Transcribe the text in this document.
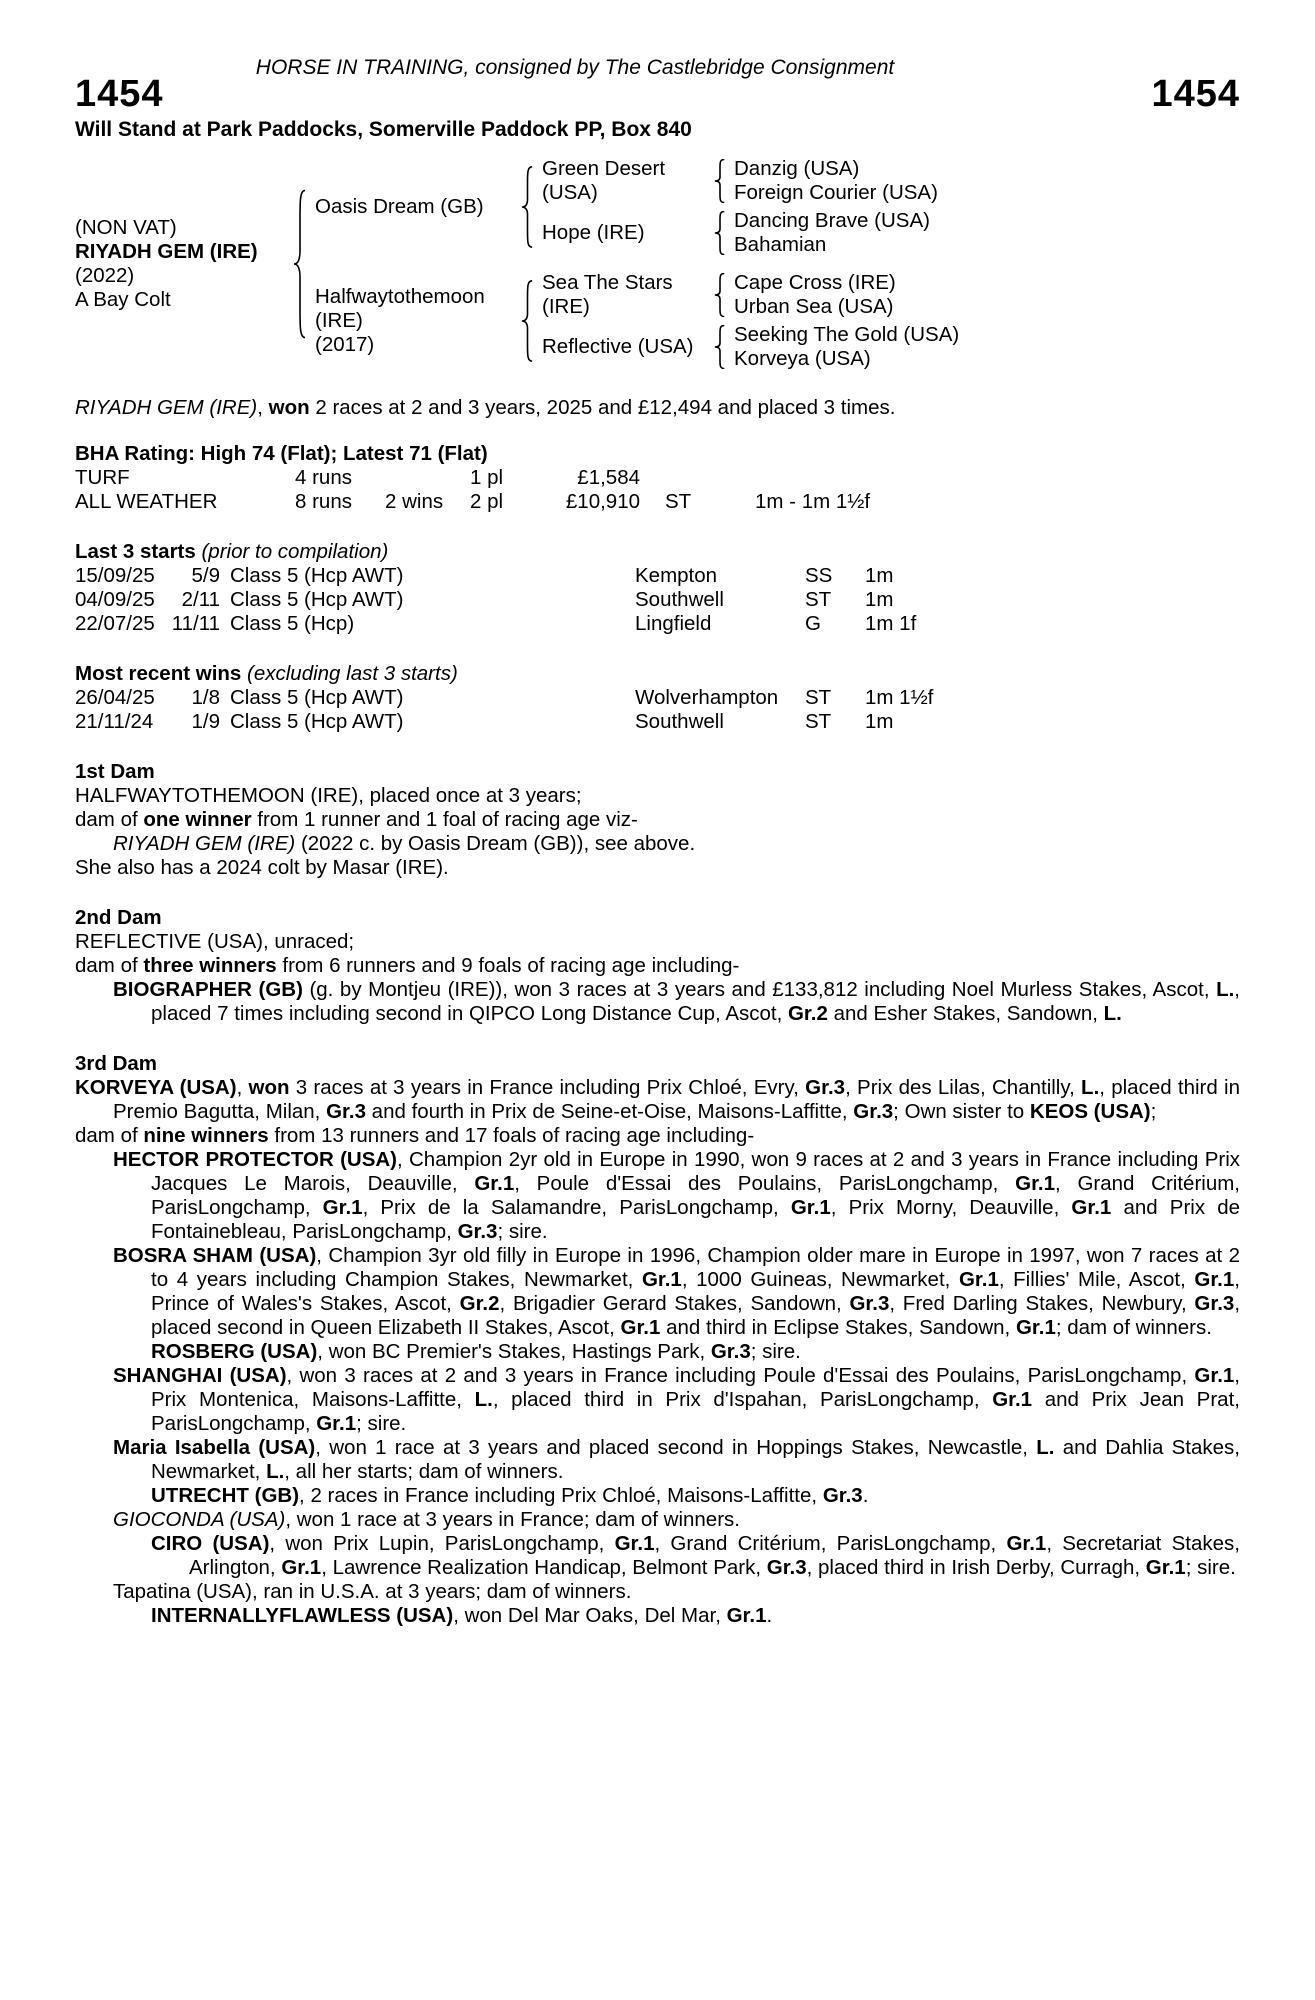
HORSE IN TRAINING, consigned by The Castlebridge Consignment
1454	1454
Will Stand at Park Paddocks, Somerville Paddock PP, Box 840
(NON VAT)
RIYADH GEM (IRE)
(2022)
A Bay Colt
Oasis Dream (GB)
Green Desert
(USA)
Danzig (USA)
Foreign Courier (USA)
Hope (IRE)
Dancing Brave (USA)
Bahamian
Halfwaytothemoon
(IRE)
(2017)
Sea The Stars
(IRE)
Cape Cross (IRE)
Urban Sea (USA)
Reflective (USA)
Seeking The Gold (USA)
Korveya (USA)
RIYADH GEM (IRE), won 2 races at 2 and 3 years, 2025 and £12,494 and placed 3 times.
BHA Rating: High 74 (Flat); Latest 71 (Flat)
TURF	4 runs	1 pl	£1,584
ALL WEATHER	8 runs	2 wins	2 pl	£10,910	ST	1m - 1m 1½f
Last 3 starts (prior to compilation)
15/09/25	5/9 Class 5 (Hcp AWT)	Kempton	SS	1m
04/09/25	2/11 Class 5 (Hcp AWT)	Southwell	ST	1m
22/07/25 11/11 Class 5 (Hcp)	Lingfield	G	1m 1f
Most recent wins (excluding last 3 starts)
26/04/25	1/8 Class 5 (Hcp AWT)	Wolverhampton	ST	1m 1½f
21/11/24	1/9 Class 5 (Hcp AWT)	Southwell	ST	1m
1st Dam
HALFWAYTOTHEMOON (IRE), placed once at 3 years;
dam of one winner from 1 runner and 1 foal of racing age viz-
RIYADH GEM (IRE) (2022 c. by Oasis Dream (GB)), see above.
She also has a 2024 colt by Masar (IRE).
2nd Dam
REFLECTIVE (USA), unraced;
dam of three winners from 6 runners and 9 foals of racing age including-
BIOGRAPHER (GB) (g. by Montjeu (IRE)), won 3 races at 3 years and £133,812 including Noel Murless Stakes, Ascot, L., placed 7 times including second in QIPCO Long Distance Cup, Ascot, Gr.2 and Esher Stakes, Sandown, L.
3rd Dam
KORVEYA (USA), won 3 races at 3 years in France including Prix Chloé, Evry, Gr.3, Prix des Lilas, Chantilly, L., placed third in Premio Bagutta, Milan, Gr.3 and fourth in Prix de Seine-et-Oise, Maisons-Laffitte, Gr.3; Own sister to KEOS (USA);
dam of nine winners from 13 runners and 17 foals of racing age including-
HECTOR PROTECTOR (USA), Champion 2yr old in Europe in 1990, won 9 races at 2 and 3 years in France including Prix Jacques Le Marois, Deauville, Gr.1, Poule d'Essai des Poulains, ParisLongchamp, Gr.1, Grand Critérium, ParisLongchamp, Gr.1, Prix de la Salamandre, ParisLongchamp, Gr.1, Prix Morny, Deauville, Gr.1 and Prix de Fontainebleau, ParisLongchamp, Gr.3; sire.
BOSRA SHAM (USA), Champion 3yr old filly in Europe in 1996, Champion older mare in Europe in 1997, won 7 races at 2 to 4 years including Champion Stakes, Newmarket, Gr.1, 1000 Guineas, Newmarket, Gr.1, Fillies' Mile, Ascot, Gr.1, Prince of Wales's Stakes, Ascot, Gr.2, Brigadier Gerard Stakes, Sandown, Gr.3, Fred Darling Stakes, Newbury, Gr.3, placed second in Queen Elizabeth II Stakes, Ascot, Gr.1 and third in Eclipse Stakes, Sandown, Gr.1; dam of winners.
ROSBERG (USA), won BC Premier's Stakes, Hastings Park, Gr.3; sire.
SHANGHAI (USA), won 3 races at 2 and 3 years in France including Poule d'Essai des Poulains, ParisLongchamp, Gr.1, Prix Montenica, Maisons-Laffitte, L., placed third in Prix d'Ispahan, ParisLongchamp, Gr.1 and Prix Jean Prat, ParisLongchamp, Gr.1; sire.
Maria Isabella (USA), won 1 race at 3 years and placed second in Hoppings Stakes, Newcastle, L. and Dahlia Stakes, Newmarket, L., all her starts; dam of winners.
UTRECHT (GB), 2 races in France including Prix Chloé, Maisons-Laffitte, Gr.3.
GIOCONDA (USA), won 1 race at 3 years in France; dam of winners.
CIRO (USA), won Prix Lupin, ParisLongchamp, Gr.1, Grand Critérium, ParisLongchamp, Gr.1, Secretariat Stakes, Arlington, Gr.1, Lawrence Realization Handicap, Belmont Park, Gr.3, placed third in Irish Derby, Curragh, Gr.1; sire.
Tapatina (USA), ran in U.S.A. at 3 years; dam of winners.
INTERNALLYFLAWLESS (USA), won Del Mar Oaks, Del Mar, Gr.1.
